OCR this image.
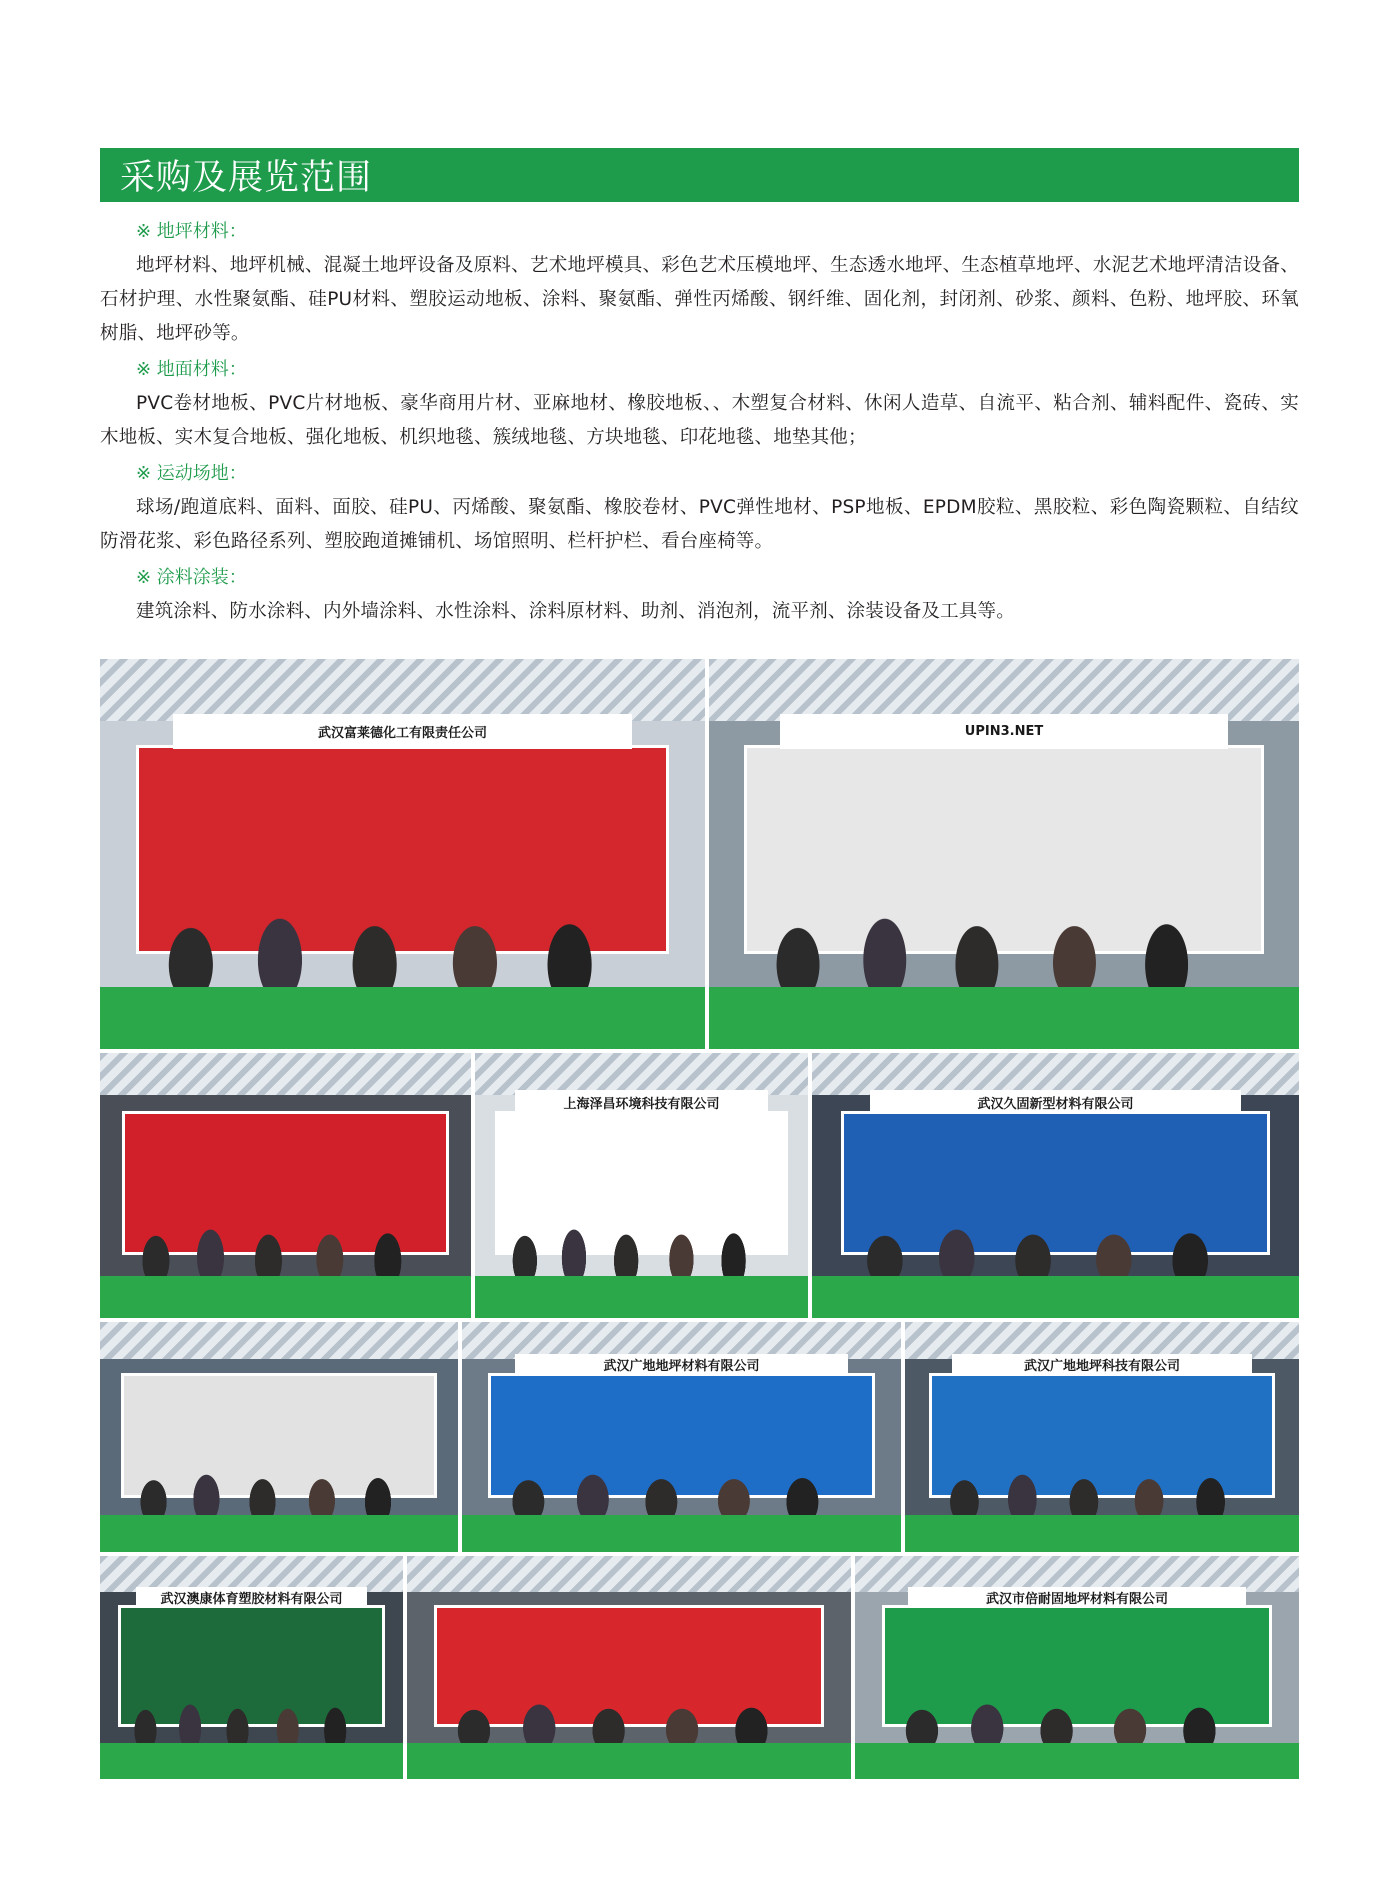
采购及展览范围
※ 地坪材料：

地坪材料、地坪机械、混凝土地坪设备及原料、艺术地坪模具、彩色艺术压模地坪、生态透水地坪、生态植草地坪、水泥艺术地坪清洁设备、石材护理、水性聚氨酯、硅PU材料、塑胶运动地板、涂料、聚氨酯、弹性丙烯酸、钢纤维、固化剂，封闭剂、砂浆、颜料、色粉、地坪胶、环氧树脂、地坪砂等。

※ 地面材料：

PVC卷材地板、PVC片材地板、豪华商用片材、亚麻地材、橡胶地板、、木塑复合材料、休闲人造草、自流平、粘合剂、辅料配件、瓷砖、实木地板、实木复合地板、强化地板、机织地毯、簇绒地毯、方块地毯、印花地毯、地垫其他；

※ 运动场地：

球场/跑道底料、面料、面胶、硅PU、丙烯酸、聚氨酯、橡胶卷材、PVC弹性地材、PSP地板、EPDM胶粒、黑胶粒、彩色陶瓷颗粒、自结纹防滑花浆、彩色路径系列、塑胶跑道摊铺机、场馆照明、栏杆护栏、看台座椅等。

※ 涂料涂装：

建筑涂料、防水涂料、内外墙涂料、水性涂料、涂料原材料、助剂、消泡剂，流平剂、涂装设备及工具等。

武汉富莱德化工有限责任公司	UPIN3.NET
上海泽昌环境科技有限公司	武汉久固新型材料有限公司
武汉广地地坪材料有限公司	武汉广地地坪科技有限公司
武汉澳康体育塑胶材料有限公司	武汉市倍耐固地坪材料有限公司
